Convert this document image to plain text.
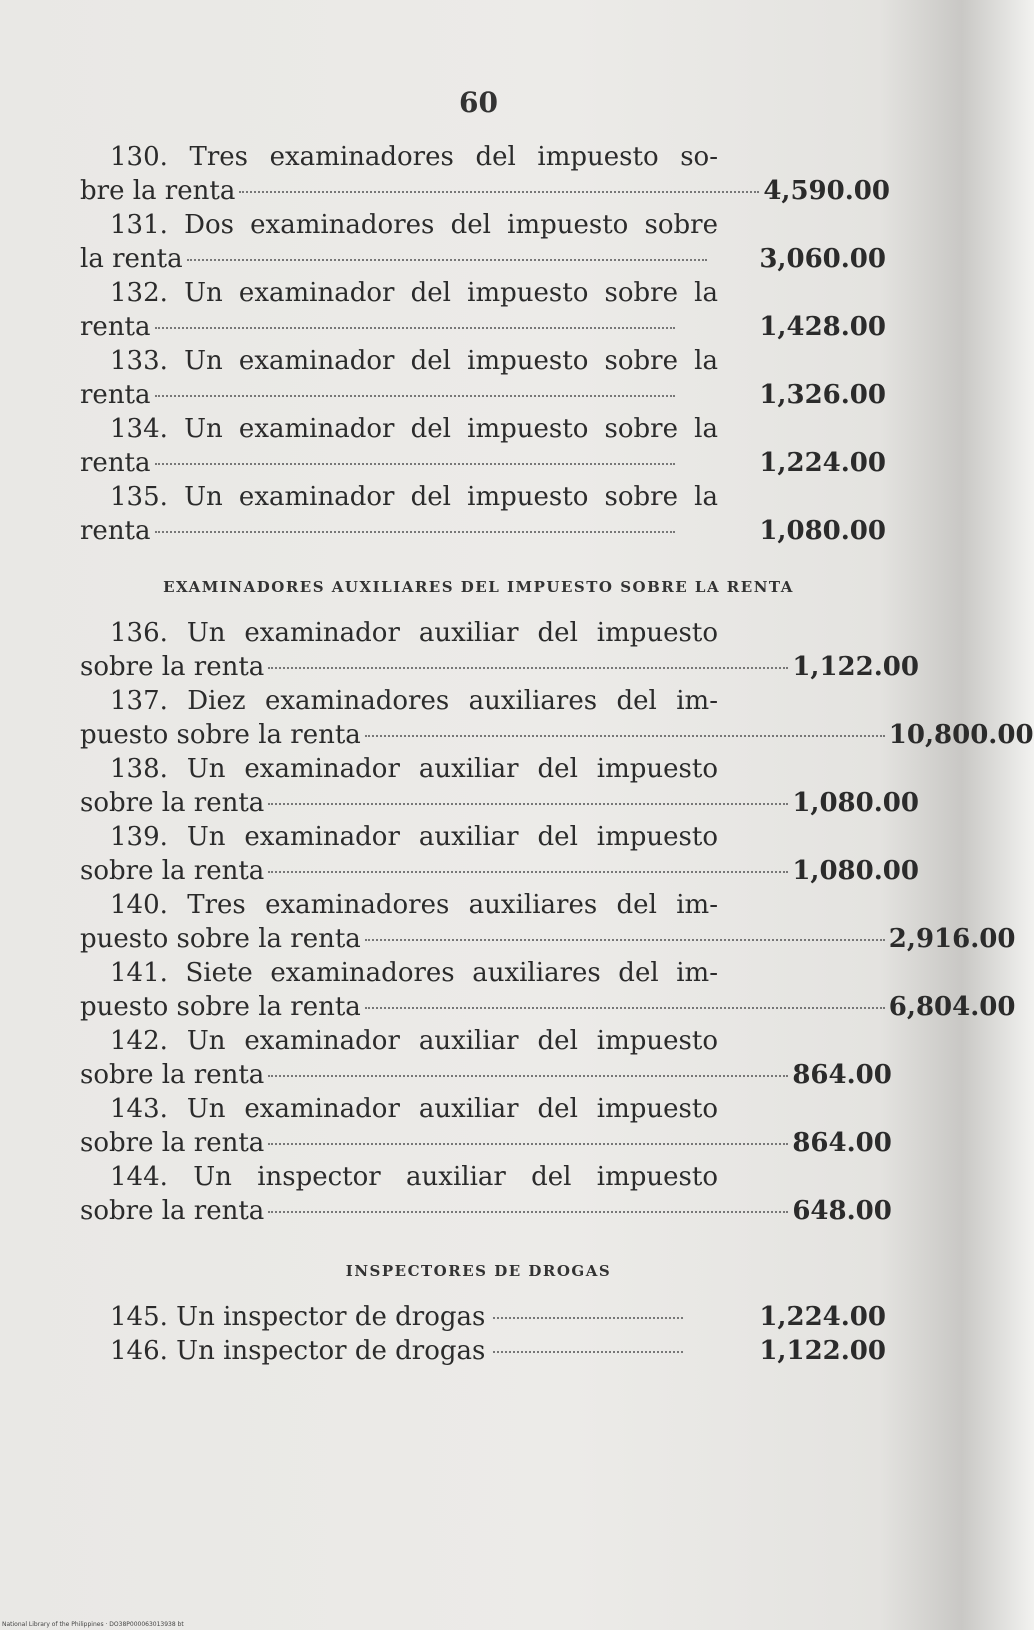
60
130. Tres examinadores del impuesto so-
bre la renta	4,590.00
131. Dos examinadores del impuesto sobre
la renta	3,060.00
132. Un examinador del impuesto sobre la
renta	1,428.00
133. Un examinador del impuesto sobre la
renta	1,326.00
134. Un examinador del impuesto sobre la
renta	1,224.00
135. Un examinador del impuesto sobre la
renta	1,080.00
EXAMINADORES AUXILIARES DEL IMPUESTO SOBRE LA RENTA
136. Un examinador auxiliar del impuesto
sobre la renta	1,122.00
137. Diez examinadores auxiliares del im-
puesto sobre la renta	10,800.00
138. Un examinador auxiliar del impuesto
sobre la renta	1,080.00
139. Un examinador auxiliar del impuesto
sobre la renta	1,080.00
140. Tres examinadores auxiliares del im-
puesto sobre la renta	2,916.00
141. Siete examinadores auxiliares del im-
puesto sobre la renta	6,804.00
142. Un examinador auxiliar del impuesto
sobre la renta	864.00
143. Un examinador auxiliar del impuesto
sobre la renta	864.00
144. Un inspector auxiliar del impuesto
sobre la renta	648.00
INSPECTORES DE DROGAS
145. Un inspector de drogas	1,224.00
146. Un inspector de drogas	1,122.00
National Library of the Philippines · DO38P000063013938 bt
